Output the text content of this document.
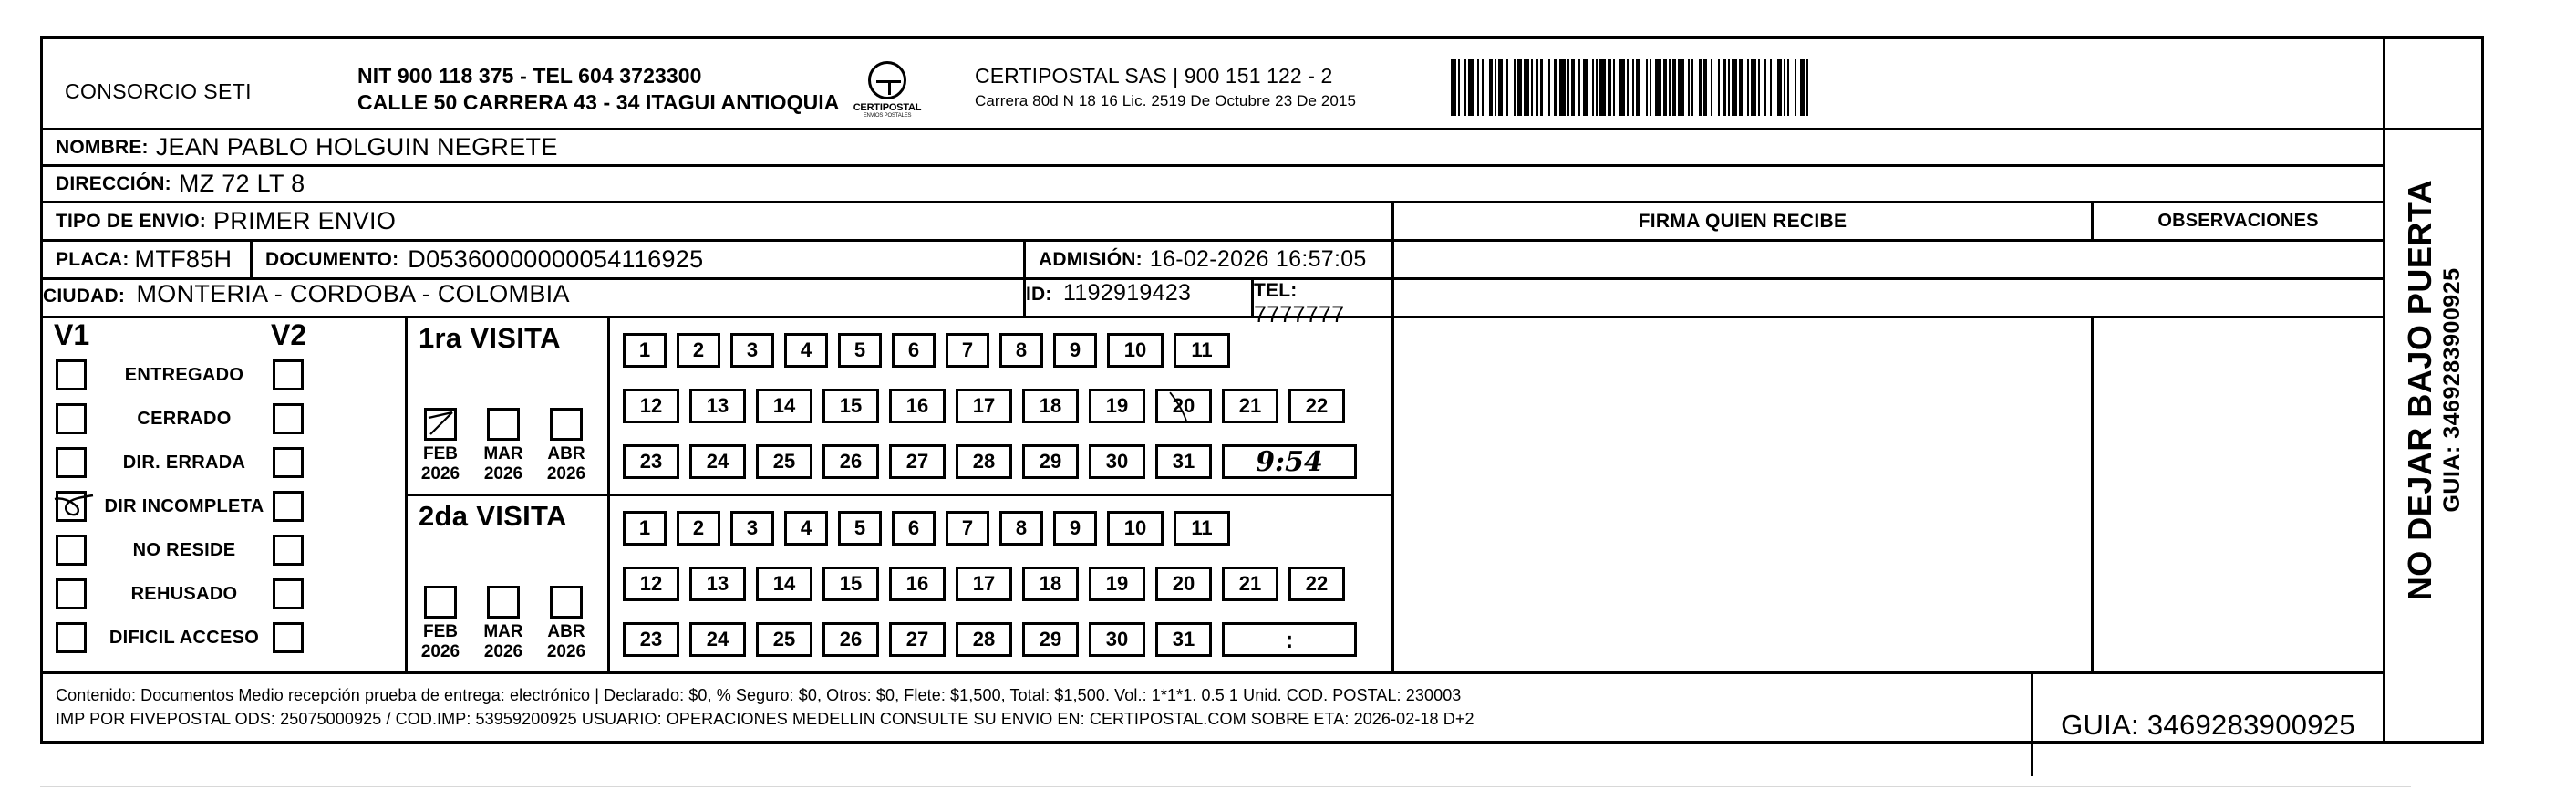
CONSORCIO SETI
NIT 900 118 375 - TEL 604 3723300
CALLE 50 CARRERA 43 - 34 ITAGUI ANTIOQUIA	CERTIPOSTAL
ENVIOS POSTALES
CERTIPOSTAL SAS | 900 151 122 - 2
Carrera 80d N 18 16 Lic. 2519 De Octubre 23 De 2015
NO DEJAR BAJO PUERTA
GUIA: 3469283900925
NOMBRE: JEAN PABLO HOLGUIN NEGRETE
DIRECCIÓN: MZ 72 LT 8
TIPO DE ENVIO: PRIMER ENVIO	FIRMA QUIEN RECIBE	OBSERVACIONES
PLACA: MTF85H DOCUMENTO: D05360000000054116925	ADMISIÓN: 16-02-2026 16:57:05
CIUDAD: MONTERIA - CORDOBA - COLOMBIA	ID: 1192919423	TEL: 7777777
V1	V2
ENTREGADO
CERRADO
DIR. ERRADA
DIR INCOMPLETA
NO RESIDE
REHUSADO
DIFICIL ACCESO
1ra VISITA
FEB
2026
MAR
2026
ABR
2026
1	2	3	4	5	6	7	8	9	10	11
12	13	14	15	16	17	18	19	20	21	22
23	24	25	26	27	28	29	30	31	9:54
2da VISITA
FEB
2026
MAR
2026
ABR
2026
1	2	3	4	5	6	7	8	9	10	11
12	13	14	15	16	17	18	19	20	21	22
23	24	25	26	27	28	29	30	31	:
Contenido: Documentos Medio recepción prueba de entrega: electrónico | Declarado: $0, % Seguro: $0, Otros: $0, Flete: $1,500, Total: $1,500. Vol.: 1*1*1. 0.5 1 Unid. COD. POSTAL: 230003
IMP POR FIVEPOSTAL ODS: 25075000925 / COD.IMP: 53959200925 USUARIO: OPERACIONES MEDELLIN CONSULTE SU ENVIO EN: CERTIPOSTAL.COM SOBRE ETA: 2026-02-18 D+2	GUIA: 3469283900925
